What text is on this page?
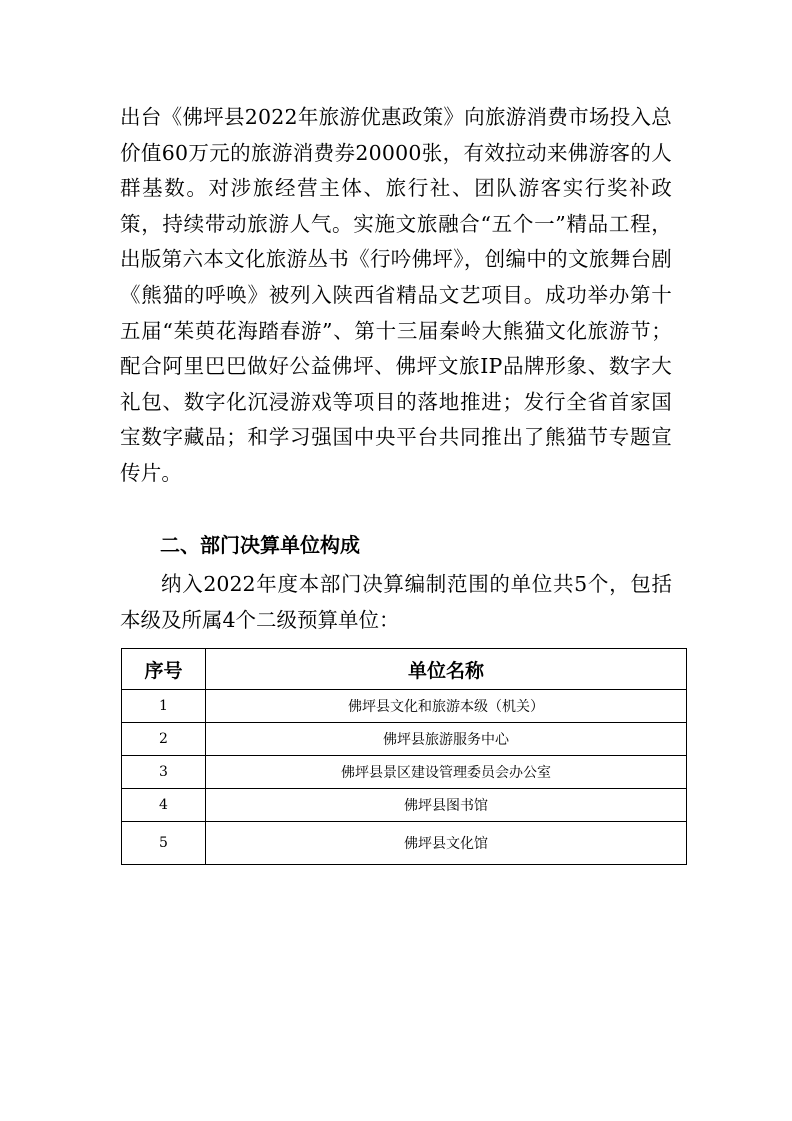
出台《佛坪县2022年旅游优惠政策》向旅游消费市场投入总价值60万元的旅游消费券20000张，有效拉动来佛游客的人群基数。对涉旅经营主体、旅行社、团队游客实行奖补政策，持续带动旅游人气。实施文旅融合“五个一”精品工程，出版第六本文化旅游丛书《行吟佛坪》，创编中的文旅舞台剧《熊猫的呼唤》被列入陕西省精品文艺项目。成功举办第十五届“茱萸花海踏春游”、第十三届秦岭大熊猫文化旅游节；配合阿里巴巴做好公益佛坪、佛坪文旅IP品牌形象、数字大礼包、数字化沉浸游戏等项目的落地推进；发行全省首家国宝数字藏品；和学习强国中央平台共同推出了熊猫节专题宣传片。

二、部门决算单位构成

纳入2022年度本部门决算编制范围的单位共5个，包括本级及所属4个二级预算单位：

序号	单位名称
1	佛坪县文化和旅游本级（机关）
2	佛坪县旅游服务中心
3	佛坪县景区建设管理委员会办公室
4	佛坪县图书馆
5	佛坪县文化馆
